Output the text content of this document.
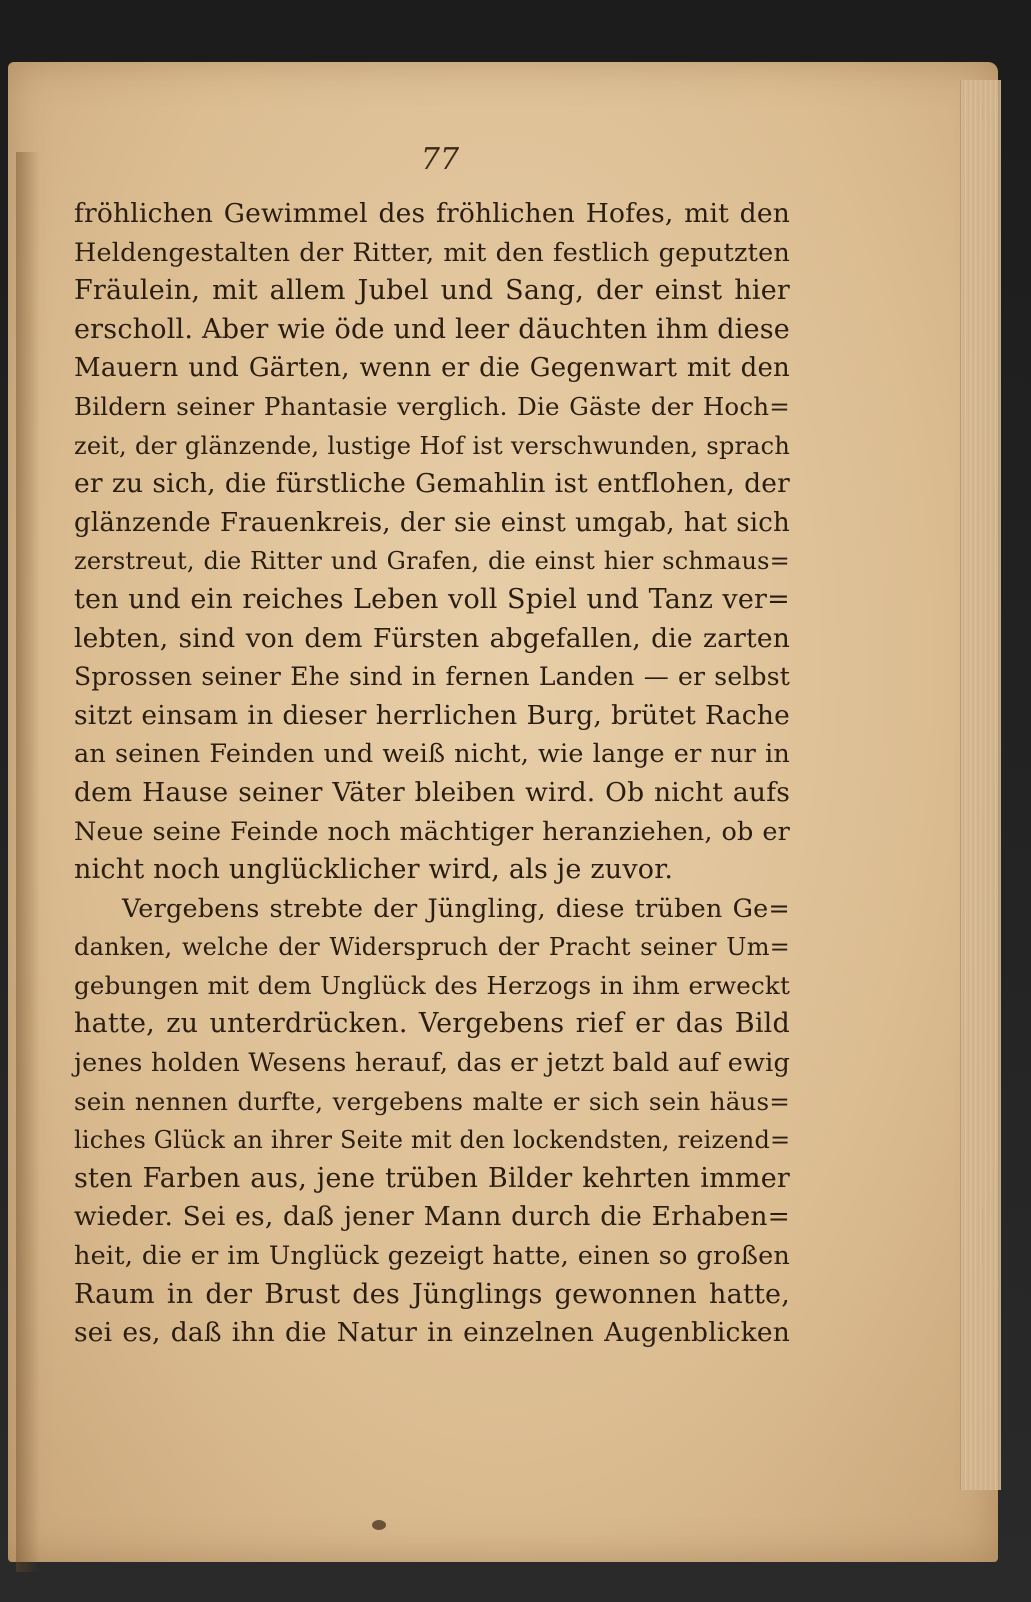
77
fröhlichen Gewimmel des fröhlichen Hofes, mit den
Heldengestalten der Ritter, mit den festlich geputzten
Fräulein, mit allem Jubel und Sang, der einst hier
erscholl. Aber wie öde und leer däuchten ihm diese
Mauern und Gärten, wenn er die Gegenwart mit den
Bildern seiner Phantasie verglich. Die Gäste der Hoch=
zeit, der glänzende, lustige Hof ist verschwunden, sprach
er zu sich, die fürstliche Gemahlin ist entflohen, der
glänzende Frauenkreis, der sie einst umgab, hat sich
zerstreut, die Ritter und Grafen, die einst hier schmaus=
ten und ein reiches Leben voll Spiel und Tanz ver=
lebten, sind von dem Fürsten abgefallen, die zarten
Sprossen seiner Ehe sind in fernen Landen — er selbst
sitzt einsam in dieser herrlichen Burg, brütet Rache
an seinen Feinden und weiß nicht, wie lange er nur in
dem Hause seiner Väter bleiben wird. Ob nicht aufs
Neue seine Feinde noch mächtiger heranziehen, ob er
nicht noch unglücklicher wird, als je zuvor.
Vergebens strebte der Jüngling, diese trüben Ge=
danken, welche der Widerspruch der Pracht seiner Um=
gebungen mit dem Unglück des Herzogs in ihm erweckt
hatte, zu unterdrücken. Vergebens rief er das Bild
jenes holden Wesens herauf, das er jetzt bald auf ewig
sein nennen durfte, vergebens malte er sich sein häus=
liches Glück an ihrer Seite mit den lockendsten, reizend=
sten Farben aus, jene trüben Bilder kehrten immer
wieder. Sei es, daß jener Mann durch die Erhaben=
heit, die er im Unglück gezeigt hatte, einen so großen
Raum in der Brust des Jünglings gewonnen hatte,
sei es, daß ihn die Natur in einzelnen Augenblicken
